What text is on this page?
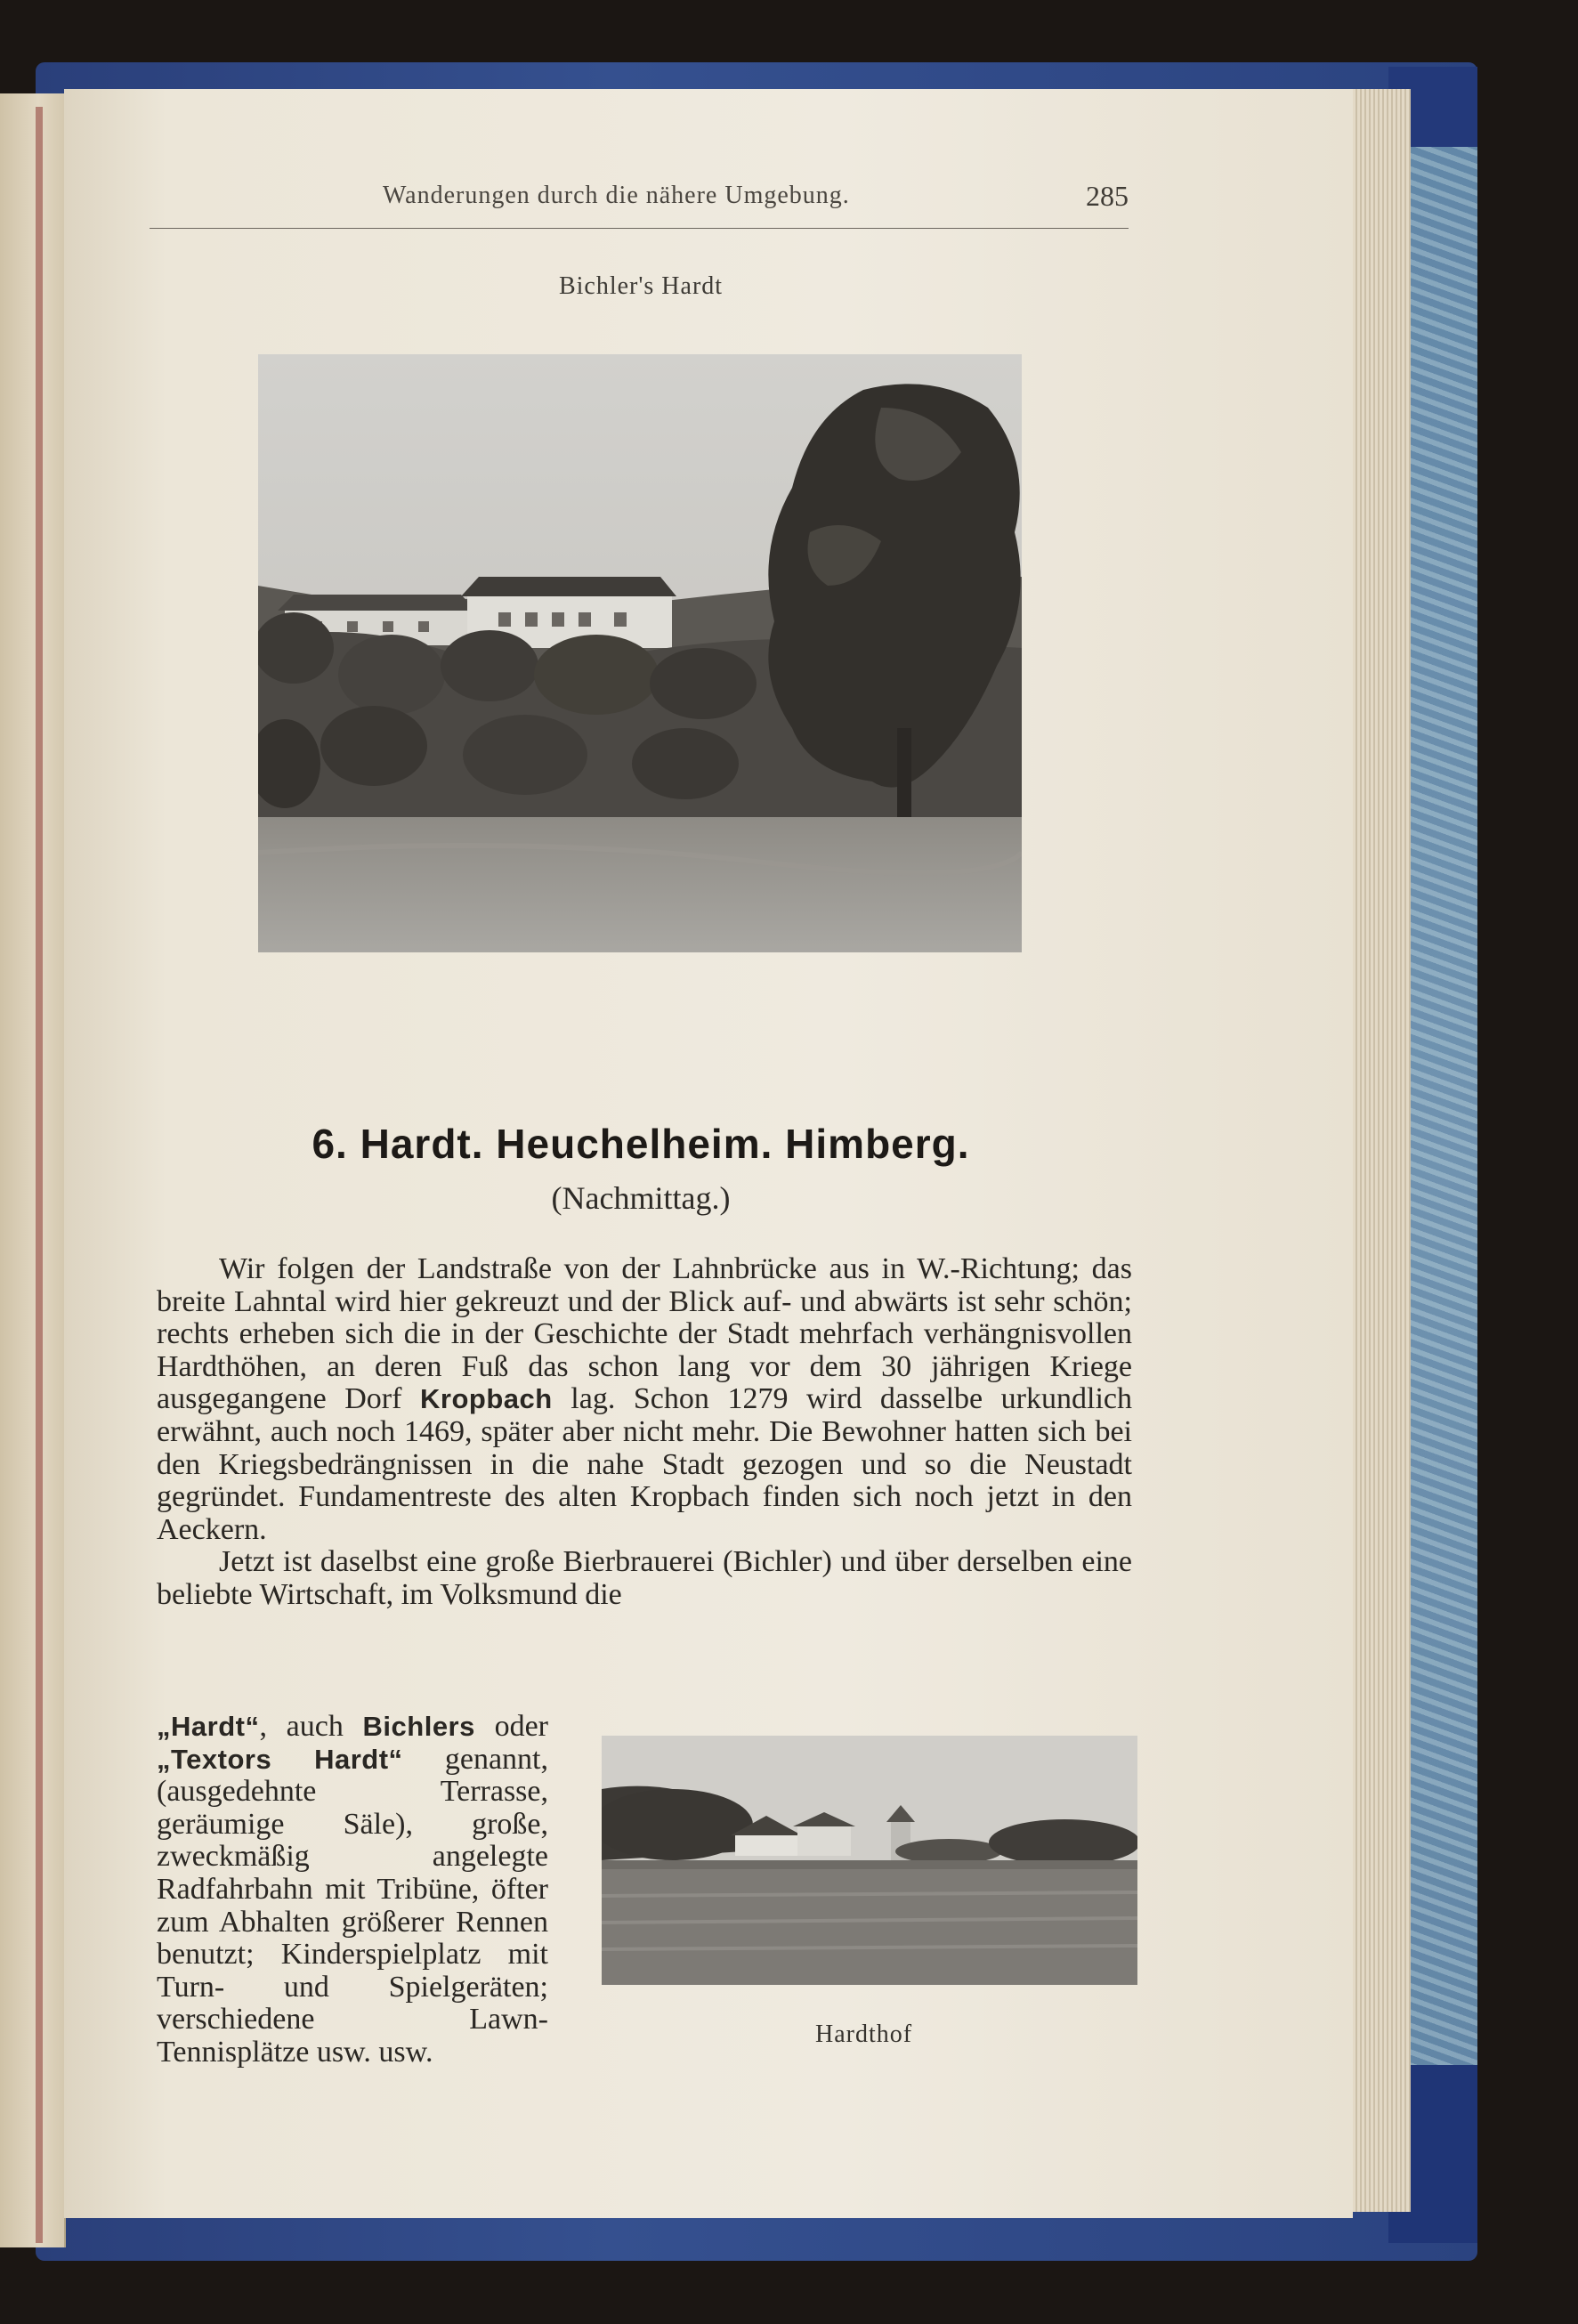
Wanderungen durch die nähere Umgebung.	285
Bichler's Hardt
6. Hardt. Heuchelheim. Himberg.
(Nachmittag.)

Wir folgen der Landstraße von der Lahnbrücke aus in W.-Richtung; das breite Lahntal wird hier gekreuzt und der Blick auf- und abwärts ist sehr schön; rechts erheben sich die in der Geschichte der Stadt mehrfach verhängnisvollen Hardthöhen, an deren Fuß das schon lang vor dem 30 jährigen Kriege ausgegangene Dorf Kropbach lag. Schon 1279 wird dasselbe urkundlich erwähnt, auch noch 1469, später aber nicht mehr. Die Bewohner hatten sich bei den Kriegsbedrängnissen in die nahe Stadt gezogen und so die Neustadt gegründet. Fundamentreste des alten Kropbach finden sich noch jetzt in den Aeckern.

Jetzt ist daselbst eine große Bierbrauerei (Bichler) und über derselben eine beliebte Wirtschaft, im Volksmund die

„Hardt“, auch Bichlers oder „Textors Hardt“ genannt, (ausgedehnte Terrasse, geräumige Säle), große, zweckmäßig angelegte Radfahrbahn mit Tribüne, öfter zum Abhalten größerer Rennen benutzt; Kinderspielplatz mit Turn- und Spielgeräten; verschiedene Lawn-Tennisplätze usw. usw.

Hardthof
